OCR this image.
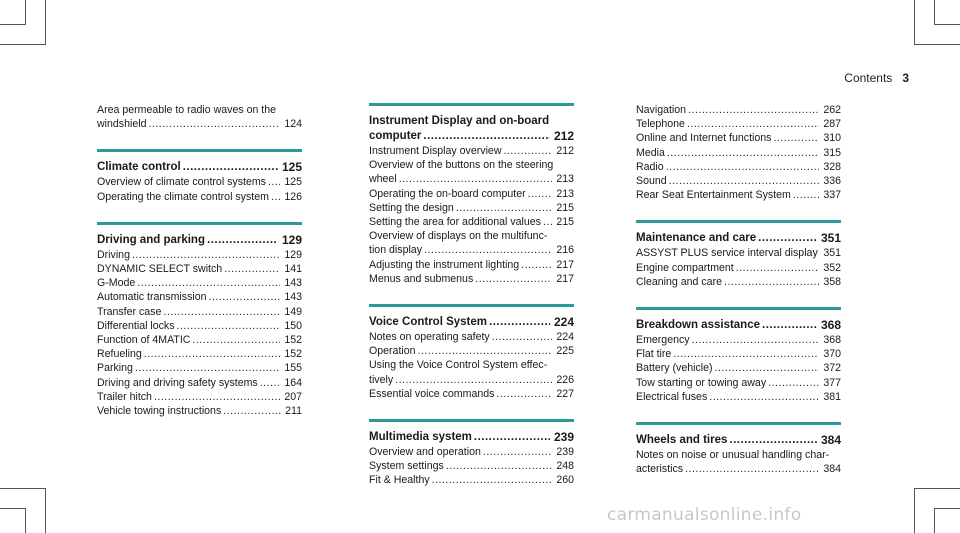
Contents 3
Area permeable to radio waves on the
windshield .....	124
Climate control .....	125
Overview of climate control systems .....	125
Operating the climate control system .....	126
Driving and parking .....	129
Driving .....	129
DYNAMIC SELECT switch .....	141
G-Mode .....	143
Automatic transmission .....	143
Transfer case .....	149
Differential locks .....	150
Function of 4MATIC .....	152
Refueling .....	152
Parking .....	155
Driving and driving safety systems .....	164
Trailer hitch .....	207
Vehicle towing instructions .....	211
Instrument Display and on-board
computer .....	212
Instrument Display overview .....	212
Overview of the buttons on the steering
wheel .....	213
Operating the on-board computer .....	213
Setting the design .....	215
Setting the area for additional values .....	215
Overview of displays on the multifunc-
tion display .....	216
Adjusting the instrument lighting .....	217
Menus and submenus .....	217
Voice Control System .....	224
Notes on operating safety .....	224
Operation .....	225
Using the Voice Control System effec-
tively .....	226
Essential voice commands .....	227
Multimedia system .....	239
Overview and operation .....	239
System settings .....	248
Fit & Healthy .....	260
Navigation .....	262
Telephone .....	287
Online and Internet functions .....	310
Media .....	315
Radio .....	328
Sound .....	336
Rear Seat Entertainment System .....	337
Maintenance and care .....	351
ASSYST PLUS service interval display ..... 351
Engine compartment .....	352
Cleaning and care .....	358
Breakdown assistance .....	368
Emergency .....	368
Flat tire .....	370
Battery (vehicle) .....	372
Tow starting or towing away .....	377
Electrical fuses .....	381
Wheels and tires .....	384
Notes on noise or unusual handling char-
acteristics .....	384
carmanualsonline.info
